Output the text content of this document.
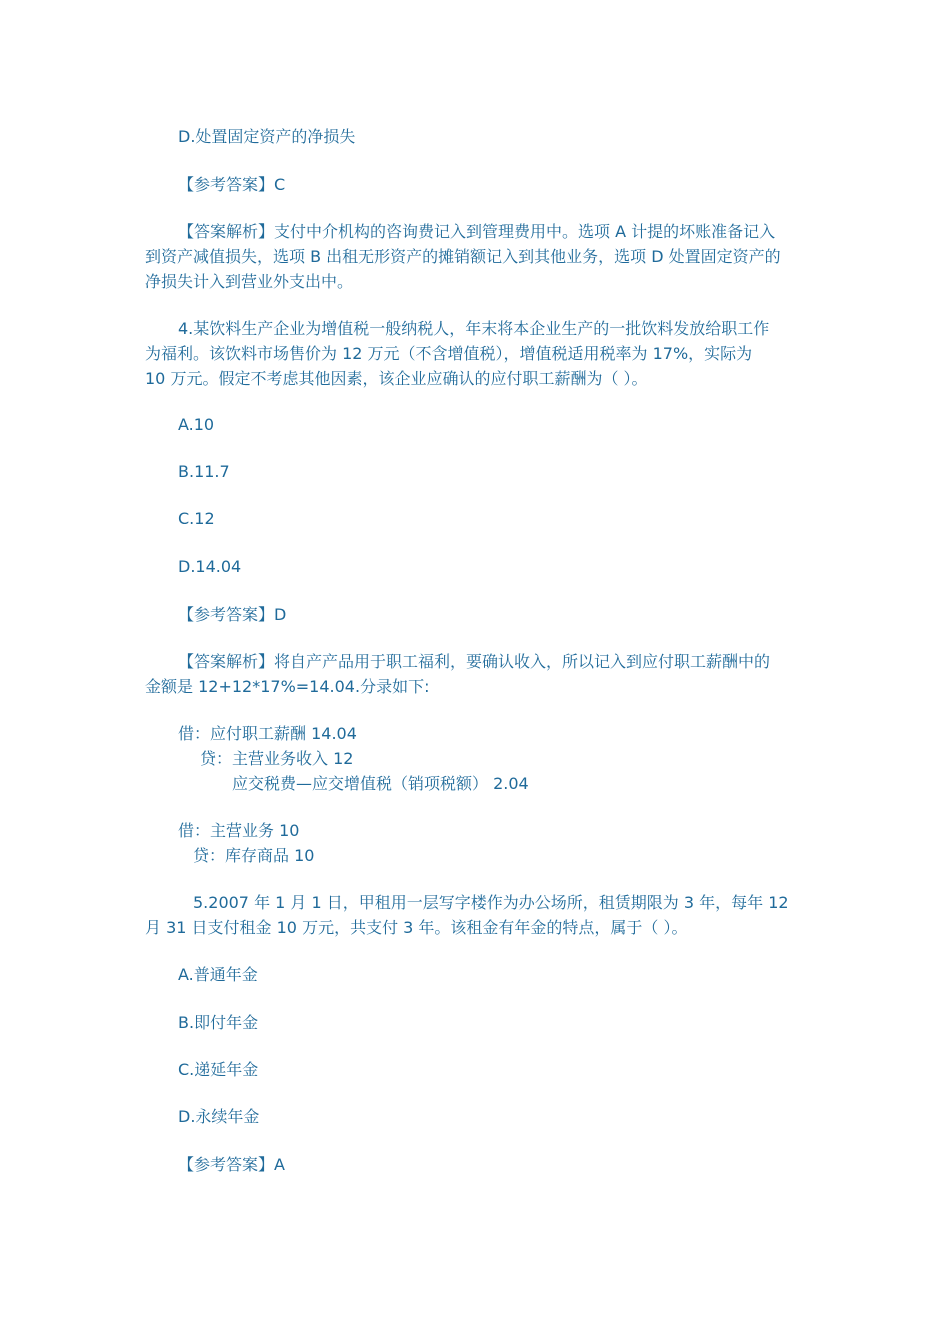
D.处置固定资产的净损失
【参考答案】C
【答案解析】支付中介机构的咨询费记入到管理费用中。选项 A 计提的坏账准备记入
到资产减值损失，选项 B 出租无形资产的摊销额记入到其他业务，选项 D 处置固定资产的
净损失计入到营业外支出中。
4.某饮料生产企业为增值税一般纳税人，年末将本企业生产的一批饮料发放给职工作
为福利。该饮料市场售价为 12 万元（不含增值税），增值税适用税率为 17%，实际为
10 万元。假定不考虑其他因素，该企业应确认的应付职工薪酬为（ ）。
A.10
B.11.7
C.12
D.14.04
【参考答案】D
【答案解析】将自产产品用于职工福利，要确认收入，所以记入到应付职工薪酬中的
金额是 12+12*17%=14.04.分录如下:
借：应付职工薪酬 14.04
贷：主营业务收入 12
应交税费—应交增值税（销项税额） 2.04
借：主营业务 10
贷：库存商品 10
5.2007 年 1 月 1 日，甲租用一层写字楼作为办公场所，租赁期限为 3 年，每年 12
月 31 日支付租金 10 万元，共支付 3 年。该租金有年金的特点，属于（ ）。
A.普通年金
B.即付年金
C.递延年金
D.永续年金
【参考答案】A
